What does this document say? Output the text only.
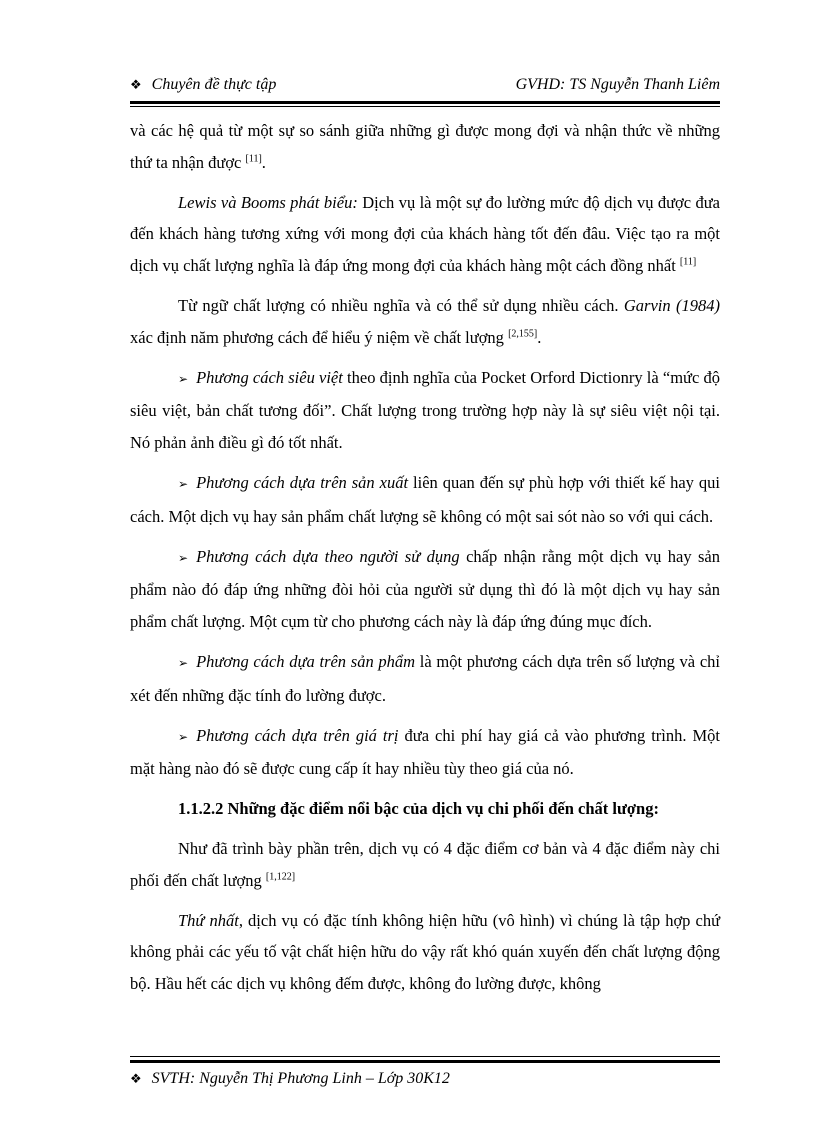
❖ Chuyên đề thực tập	GVHD: TS Nguyễn Thanh Liêm

và các hệ quả từ một sự so sánh giữa những gì được mong đợi và nhận thức về những thứ ta nhận được [11].

Lewis và Booms phát biểu: Dịch vụ là một sự đo lường mức độ dịch vụ được đưa đến khách hàng tương xứng với mong đợi của khách hàng tốt đến đâu. Việc tạo ra một dịch vụ chất lượng nghĩa là đáp ứng mong đợi của khách hàng một cách đồng nhất [11]

Từ ngữ chất lượng có nhiều nghĩa và có thể sử dụng nhiều cách. Garvin (1984) xác định năm phương cách để hiểu ý niệm về chất lượng [2,155].

➢ Phương cách siêu việt theo định nghĩa của Pocket Orford Dictionry là “mức độ siêu việt, bản chất tương đối”. Chất lượng trong trường hợp này là sự siêu việt nội tại. Nó phản ảnh điều gì đó tốt nhất.

➢ Phương cách dựa trên sản xuất liên quan đến sự phù hợp với thiết kế hay qui cách. Một dịch vụ hay sản phẩm chất lượng sẽ không có một sai sót nào so với qui cách.

➢ Phương cách dựa theo người sử dụng chấp nhận rằng một dịch vụ hay sản phẩm nào đó đáp ứng những đòi hỏi của người sử dụng thì đó là một dịch vụ hay sản phẩm chất lượng. Một cụm từ cho phương cách này là đáp ứng đúng mục đích.

➢ Phương cách dựa trên sản phẩm là một phương cách dựa trên số lượng và chỉ xét đến những đặc tính đo lường được.

➢ Phương cách dựa trên giá trị đưa chi phí hay giá cả vào phương trình. Một mặt hàng nào đó sẽ được cung cấp ít hay nhiều tùy theo giá của nó.

1.1.2.2 Những đặc điểm nổi bậc của dịch vụ chi phối đến chất lượng:

Như đã trình bày phần trên, dịch vụ có 4 đặc điểm cơ bản và 4 đặc điểm này chi phối đến chất lượng [1,122]

Thứ nhất, dịch vụ có đặc tính không hiện hữu (vô hình) vì chúng là tập hợp chứ không phải các yếu tố vật chất hiện hữu do vậy rất khó quán xuyến đến chất lượng động bộ. Hầu hết các dịch vụ không đếm được, không đo lường được, không

❖ SVTH: Nguyễn Thị Phương Linh – Lớp 30K12
